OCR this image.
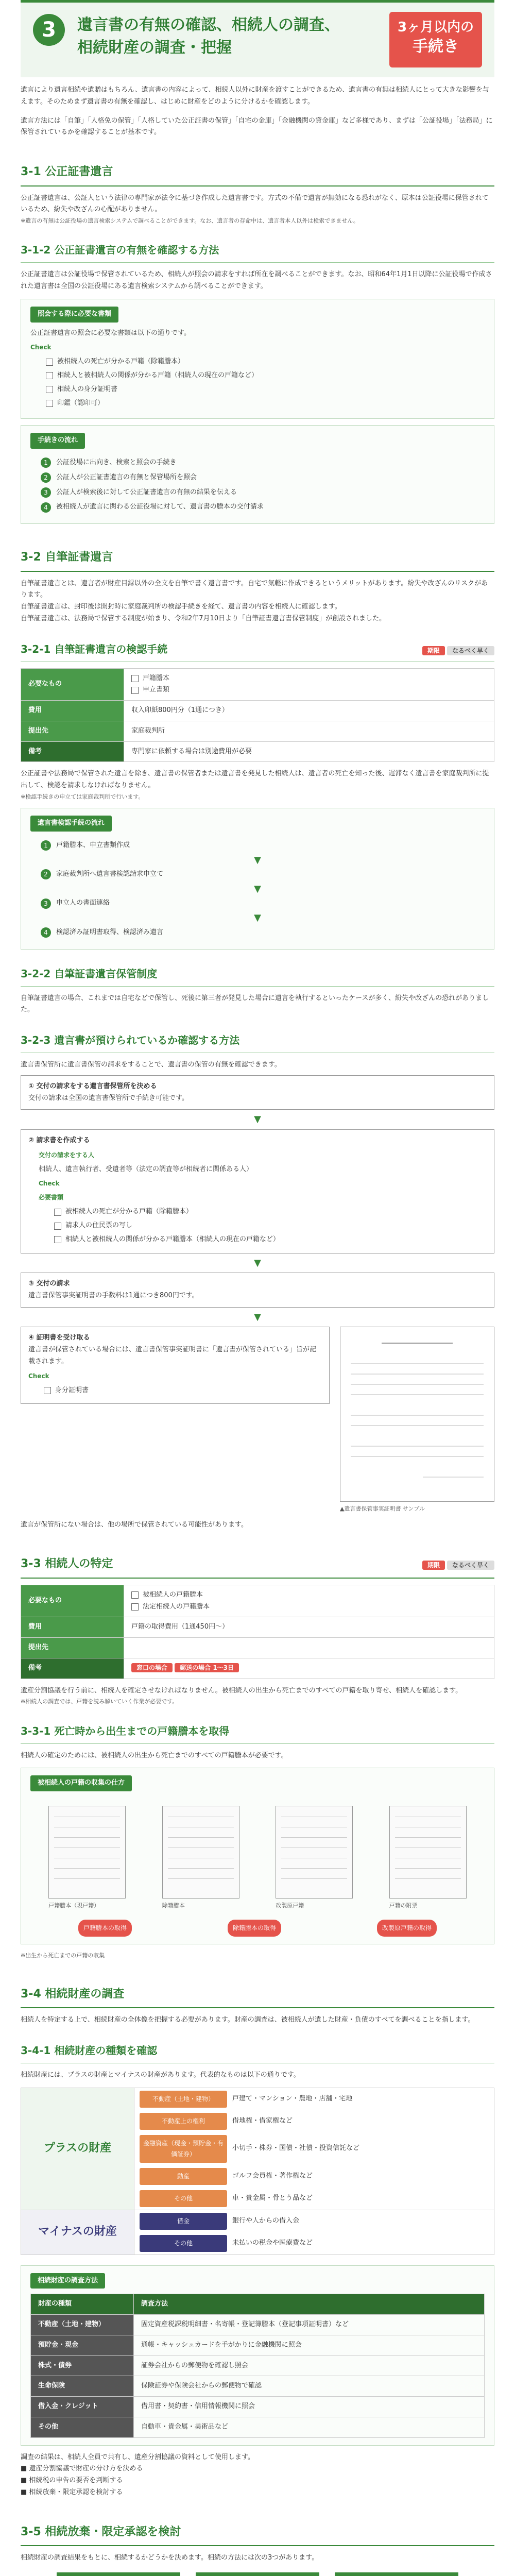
3	遺言書の有無の確認、相続人の調査、
相続財産の調査・把握
3ヶ月以内の
手続き

遺言により遺言相続や遺贈はもちろん、遺言書の内容によって、相続人以外に財産を渡すことができるため、遺言書の有無は相続人にとって大きな影響を与えます。そのためまず遺言書の有無を確認し、はじめに財産をどのように分けるかを確認します。

遺言方法には「自筆」「人格免の保管」「人格していた公正証書の保管」「自宅の金庫」「金融機関の貸金庫」など多様であり、まずは「公証役場」「法務局」に保管されているかを確認することが基本です。

3-1 公正証書遺言

公正証書遺言は、公証人という法律の専門家が法令に基づき作成した遺言書です。方式の不備で遺言が無効になる恐れがなく、原本は公証役場に保管されているため、紛失や改ざんの心配がありません。

※遺言の有無は公証役場の遺言検索システムで調べることができます。なお、遺言者の存命中は、遺言者本人以外は検索できません。

3-1-2 公正証書遺言の有無を確認する方法

公正証書遺言は公証役場で保管されているため、相続人が照会の請求をすれば所在を調べることができます。なお、昭和64年1月1日以降に公証役場で作成された遺言書は全国の公証役場にある遺言検索システムから調べることができます。

照会する際に必要な書類

公正証書遺言の照会に必要な書類は以下の通りです。

Check
被相続人の死亡が分かる戸籍（除籍謄本）
相続人と被相続人の関係が分かる戸籍（相続人の現在の戸籍など）
相続人の身分証明書
印鑑（認印可）
手続きの流れ
1	公証役場に出向き、検索と照会の手続き
2	公証人が公正証書遺言の有無と保管場所を照会
3	公証人が検索後に対して公正証書遺言の有無の結果を伝える
4	被相続人が遺言に関わる公証役場に対して、遺言書の謄本の交付請求
3-2 自筆証書遺言

自筆証書遺言とは、遺言者が財産目録以外の全文を自筆で書く遺言書です。自宅で気軽に作成できるというメリットがあります。紛失や改ざんのリスクがあります。

自筆証書遺言は、封印後は開封時に家庭裁判所の検認手続きを経て、遺言書の内容を相続人に確認します。

自筆証書遺言は、法務局で保管する制度が始まり、令和2年7月10日より「自筆証書遺言書保管制度」が創設されました。

3-2-1 自筆証書遺言の検認手続	期限 なるべく早く
必要なもの	戸籍謄本
申立書類

費用	収入印紙800円分（1通につき）
提出先	家庭裁判所
備考	専門家に依頼する場合は別途費用が必要

公正証書や法務局で保管された遺言を除き、遺言書の保管者または遺言書を発見した相続人は、遺言者の死亡を知った後、遅滞なく遺言書を家庭裁判所に提出して、検認を請求しなければなりません。

※検認手続きの申立ては家庭裁判所で行います。

遺言書検認手続の流れ
1	戸籍謄本、申立書類作成
▼
2	家庭裁判所へ遺言書検認請求申立て
▼
3	申立人の書面連絡
▼
4	検認済み証明書取得、検認済み遺言
3-2-2 自筆証書遺言保管制度

自筆証書遺言の場合、これまでは自宅などで保管し、死後に第三者が発見した場合に遺言を執行するといったケースが多く、紛失や改ざんの恐れがありました。

3-2-3 遺言書が預けられているか確認する方法

遺言書保管所に遺言書保管の請求をすることで、遺言書の保管の有無を確認できます。

① 交付の請求をする遺言書保管所を決める

交付の請求は全国の遺言書保管所で手続き可能です。

▼
② 請求書を作成する
交付の請求をする人

相続人、遺言執行者、受遺者等（法定の調査等が相続者に関係ある人）

Check
必要書類
被相続人の死亡が分かる戸籍（除籍謄本）
請求人の住民票の写し
相続人と被相続人の関係が分かる戸籍謄本（相続人の現在の戸籍など）
▼
③ 交付の請求

遺言書保管事実証明書の手数料は1通につき800円です。

▼
④ 証明書を受け取る

遺言書が保管されている場合には、遺言書保管事実証明書に「遺言書が保管されている」旨が記載されます。

Check
身分証明書
▲遺言書保管事実証明書 サンプル

遺言が保管所にない場合は、他の場所で保管されている可能性があります。

3-3 相続人の特定	期限 なるべく早く
必要なもの	被相続人の戸籍謄本
法定相続人の戸籍謄本

費用	戸籍の取得費用（1通450円～）
提出先	
備考	窓口の場合 郵送の場合 1～3日

遺産分割協議を行う前に、相続人を確定させなければなりません。被相続人の出生から死亡までのすべての戸籍を取り寄せ、相続人を確認します。

※相続人の調査では、戸籍を読み解いていく作業が必要です。

3-3-1 死亡時から出生までの戸籍謄本を取得

相続人の確定のためには、被相続人の出生から死亡までのすべての戸籍謄本が必要です。

被相続人の戸籍の収集の仕方
戸籍謄本（現戸籍）	除籍謄本	改製原戸籍	戸籍の附票
戸籍謄本の取得	除籍謄本の取得	改製原戸籍の取得

※出生から死亡までの戸籍の収集

3-4 相続財産の調査

相続人を特定する上で、相続財産の全体像を把握する必要があります。財産の調査は、被相続人が遺した財産・負債のすべてを調べることを指します。

3-4-1 相続財産の種類を確認

相続財産には、プラスの財産とマイナスの財産があります。代表的なものは以下の通りです。

プラスの財産
不動産（土地・建物）	戸建て・マンション・農地・店舗・宅地
不動産上の権利	借地権・借家権など
金融資産（現金・預貯金・有価証券）
小切手・株券・国債・社債・投資信託など
動産	ゴルフ会員権・著作権など
その他	車・貴金属・骨とう品など
マイナスの財産
借金	銀行や人からの借入金
その他	未払いの税金や医療費など
相続財産の調査方法
財産の種類	調査方法
不動産（土地・建物）	固定資産税課税明細書・名寄帳・登記簿謄本（登記事項証明書）など
預貯金・現金	通帳・キャッシュカードを手がかりに金融機関に照会
株式・債券	証券会社からの郵便物を確認し照会
生命保険	保険証券や保険会社からの郵便物で確認
借入金・クレジット	借用書・契約書・信用情報機関に照会
その他	自動車・貴金属・美術品など

調査の結果は、相続人全員で共有し、遺産分割協議の資料として使用します。

■ 遺産分割協議で財産の分け方を決める

■ 相続税の申告の要否を判断する

■ 相続放棄・限定承認を検討する

3-5 相続放棄・限定承認を検討

相続財産の調査結果をもとに、相続するかどうかを決めます。相続の方法には次の3つがあります。
